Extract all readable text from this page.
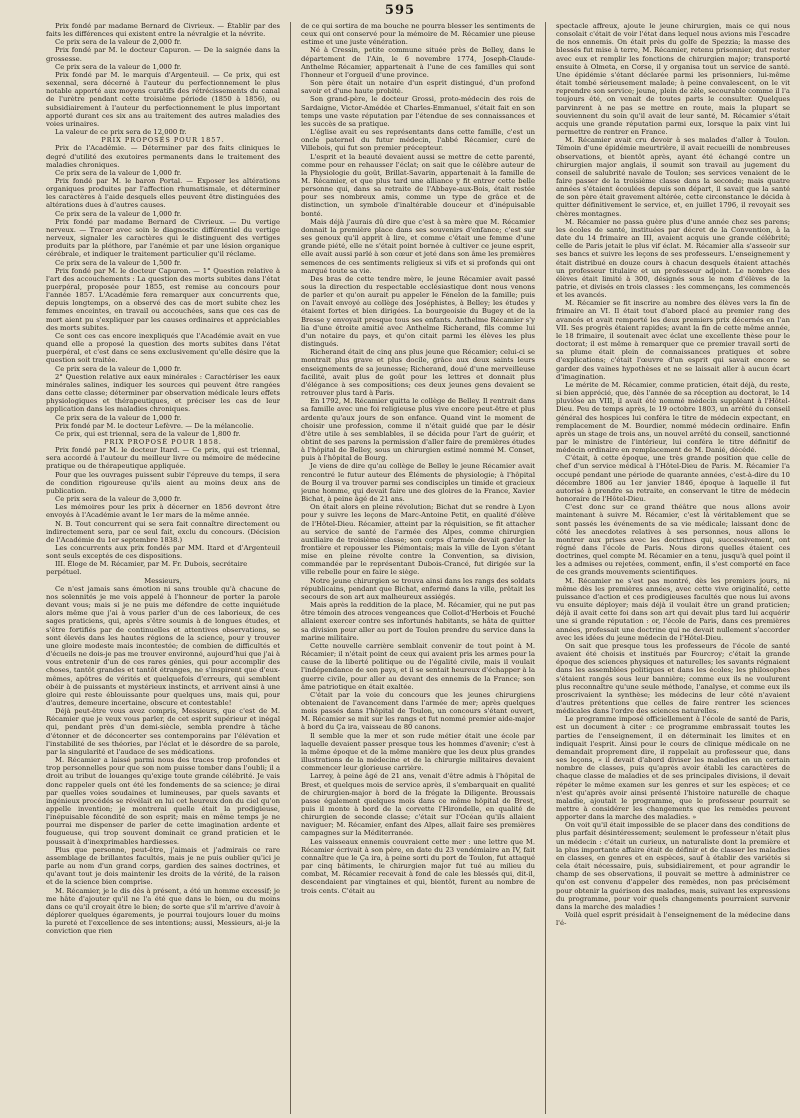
595

Prix fondé par madame Bernard de Civrieux. — Établir par des faits les différences qui existent entre la névralgie et la névrite.

Ce prix sera de la valeur de 2,000 fr.

Prix fondé par M. le docteur Capuron. — De la saignée dans la grossesse.

Ce prix sera de la valeur de 1,000 fr.

Prix fondé par M. le marquis d'Argenteuil. — Ce prix, qui est sexennal, sera décerné à l'auteur du perfectionnement le plus notable apporté aux moyens curatifs des rétrécissements du canal de l'urètre pendant cette troisième période (1850 à 1856), ou subsidiairement à l'auteur du perfectionnement le plus important apporté durant ces six ans au traitement des autres maladies des voies urinaires.

La valeur de ce prix sera de 12,000 fr.

PRIX PROPOSÉS POUR 1857.

Prix de l'Académie. — Déterminer par des faits cliniques le degré d'utilité des exutoires permanents dans le traitement des maladies chroniques.

Ce prix sera de la valeur de 1,000 fr.

Prix fondé par M. le baron Portal. — Exposer les altérations organiques produites par l'affection rhumatismale, et déterminer les caractères à l'aide desquels elles peuvent être distinguées des altérations dues à d'autres causes.

Ce prix sera de la valeur de 1,000 fr.

Prix fondé par madame Bernard de Civrieux. — Du vertige nerveux. — Tracer avec soin le diagnostic différentiel du vertige nerveux, signaler les caractères qui le distinguent des vertiges produits par la pléthore, par l'anémie et par une lésion organique cérébrale, et indiquer le traitement particulier qu'il réclame.

Ce prix sera de la valeur de 1,500 fr.

Prix fondé par M. le docteur Capuron. — 1° Question relative à l'art des accouchements : La question des morts subites dans l'état puerpéral, proposée pour 1855, est remise au concours pour l'année 1857. L'Académie fera remarquer aux concurrents que, depuis longtemps, on a observé des cas de mort subite chez les femmes enceintes, en travail ou accouchées, sans que ces cas de mort aient pu s'expliquer par les causes ordinaires et appréciables des morts subites.

Ce sont ces cas encore inexpliqués que l'Académie avait en vue quand elle a proposé la question des morts subites dans l'état puerpéral, et c'est dans ce sens exclusivement qu'elle désire que la question soit traitée.

Ce prix sera de la valeur de 1,000 fr.

2° Question relative aux eaux minérales : Caractériser les eaux minérales salines, indiquer les sources qui peuvent être rangées dans cette classe; déterminer par observation médicale leurs effets physiologiques et thérapeutiques, et préciser les cas de leur application dans les maladies chroniques.

Ce prix sera de la valeur de 1,000 fr.

Prix fondé par M. le docteur Lefèvre. — De la mélancolie.

Ce prix, qui est triennal, sera de la valeur de 1,800 fr.

PRIX PROPOSÉ POUR 1858.

Prix fondé par M. le docteur Itard. — Ce prix, qui est triennal, sera accordé à l'auteur du meilleur livre ou mémoire de médecine pratique ou de thérapeutique appliquée.

Pour que les ouvrages puissent subir l'épreuve du temps, il sera de condition rigoureuse qu'ils aient au moins deux ans de publication.

Ce prix sera de la valeur de 3,000 fr.

Les mémoires pour les prix à décerner en 1856 devront être envoyés à l'Académie avant le 1er mars de la même année.

N. B. Tout concurrent qui se sera fait connaître directement ou indirectement sera, par ce seul fait, exclu du concours. (Décision de l'Académie du 1er septembre 1838.)

Les concurrents aux prix fondés par MM. Itard et d'Argenteuil sont seuls exceptés de ces dispositions.

III. Éloge de M. Récamier, par M. Fr. Dubois, secrétaire perpétuel.

Messieurs,

Ce n'est jamais sans émotion ni sans trouble qu'à chacune de nos solennités je me vois appelé à l'honneur de porter la parole devant vous; mais si je ne puis me défendre de cette inquiétude alors même que j'ai à vous parler d'un de ces laborieux, de ces sages praticiens, qui, après s'être soumis à de longues études, et s'être fortifiés par de continuelles et attentives observations, se sont élevés dans les hautes régions de la science, pour y trouver une gloire modeste mais incontestée; de combien de difficultés et d'écueils ne dois-je pas me trouver environné, aujourd'hui que j'ai à vous entretenir d'un de ces rares génies, qui pour accomplir des choses, tantôt grandes et tantôt étranges, ne s'inspirent que d'eux-mêmes, apôtres de vérités et quelquefois d'erreurs, qui semblent obéir à de puissants et mystérieux instincts, et arrivent ainsi à une gloire qui reste éblouissante pour quelques uns, mais qui, pour d'autres, demeure incertaine, obscure et contestable!

Déjà peut-être vous avez compris, Messieurs, que c'est de M. Récamier que je veux vous parler, de cet esprit supérieur et inégal qui, pendant près d'un demi-siècle, sembla prendre à tâche d'étonner et de déconcerter ses contemporains par l'élévation et l'instabilité de ses théories, par l'éclat et le désordre de sa parole, par la singularité et l'audace de ses médications.

M. Récamier a laissé parmi nous des traces trop profondes et trop personnelles pour que son nom puisse tomber dans l'oubli; il a droit au tribut de louanges qu'exige toute grande célébrité. Je vais donc rappeler quels ont été les fondements de sa science; je dirai par quelles voies soudaines et lumineuses, par quels savants et ingénieux procédés se révélait en lui cet heureux don du ciel qu'on appelle invention; je montrerai quelle était la prodigieuse, l'inépuisable fécondité de son esprit; mais en même temps je ne pourrai me dispenser de parler de cette imagination ardente et fougueuse, qui trop souvent dominait ce grand praticien et le poussait à d'inexprimables hardiesses.

Plus que personne, peut-être, j'aimais et j'admirais ce rare assemblage de brillantes facultés, mais je ne puis oublier qu'ici je parle au nom d'un grand corps, gardien des saines doctrines, et qu'avant tout je dois maintenir les droits de la vérité, de la raison et de la science bien comprise.

M. Récamier, je le dis dès à présent, a été un homme excessif; je me hâte d'ajouter qu'il ne l'a été que dans le bien, ou du moins dans ce qu'il croyait être le bien; de sorte que s'il m'arrive d'avoir à déplorer quelques égarements, je pourrai toujours louer du moins la pureté et l'excellence de ses intentions; aussi, Messieurs, ai-je la conviction que rien

de ce qui sortira de ma bouche ne pourra blesser les sentiments de ceux qui ont conservé pour la mémoire de M. Récamier une pieuse estime et une juste vénération.

Né à Cressin, petite commune située près de Belley, dans le département de l'Ain, le 6 novembre 1774, Joseph-Claude-Anthelme Récamier, appartenait à l'une de ces familles qui sont l'honneur et l'orgueil d'une province.

Son père était un notaire d'un esprit distingué, d'un profond savoir et d'une haute probité.

Son grand-père, le docteur Grossi, proto-médecin des rois de Sardaigne, Victor-Amédée et Charles-Emmanuel, s'était fait en son temps une vaste réputation par l'étendue de ses connaissances et les succès de sa pratique.

L'église avait eu ses représentants dans cette famille, c'est un oncle paternel du futur médecin, l'abbé Récamier, curé de Villebois, qui fut son premier précepteur.

L'esprit et la beauté devaient aussi se mettre de cette parenté, comme pour en rehausser l'éclat; on sait que le célèbre auteur de la Physiologie du goût, Brillat-Savarin, appartenait à la famille de M. Récamier, et que plus tard une alliance y fit entrer cette belle personne qui, dans sa retraite de l'Abbaye-aux-Bois, était restée pour ses nombreux amis, comme un type de grâce et de distinction, un symbole d'inaltérable douceur et d'inépuisable bonté.

Mais déjà j'aurais dû dire que c'est à sa mère que M. Récamier donnait la première place dans ses souvenirs d'enfance; c'est sur ses genoux qu'il apprit à lire, et comme c'était une femme d'une grande piété, elle ne s'était point bornée à cultiver ce jeune esprit, elle avait aussi parlé à son cœur et jeté dans son âme les premières semences de ces sentiments religieux si vifs et si profonds qui ont marqué toute sa vie.

Des bras de cette tendre mère, le jeune Récamier avait passé sous la direction du respectable ecclésiastique dont nous venons de parler et qu'on aurait pu appeler le Fénelon de la famille; puis on l'avait envoyé au collège des Joséphistes, à Belley; les études y étaient fortes et bien dirigées. La bourgeoisie du Bugey et de la Bresse y envoyait presque tous ses enfants. Anthelme Récamier s'y lia d'une étroite amitié avec Anthelme Richerand, fils comme lui d'un notaire du pays, et qu'on citait parmi les élèves les plus distingués.

Richerand était de cinq ans plus jeune que Récamier; celui-ci se montrait plus grave et plus docile, grâce aux deux saints leurs enseignements de sa jeunesse; Richerand, doué d'une merveilleuse facilité, avait plus de goût pour les lettres et donnait plus d'élégance à ses compositions; ces deux jeunes gens devaient se retrouver plus tard à Paris.

En 1792, M. Récamier quitta le collège de Belley. Il rentrait dans sa famille avec une foi religieuse plus vive encore peut-être et plus ardente qu'aux jours de son enfance. Quand vint le moment de choisir une profession, comme il n'était guidé que par le désir d'être utile à ses semblables, il se décida pour l'art de guérir, et obtint de ses parens la permission d'aller faire de premières études à l'hôpital de Belley, sous un chirurgien estimé nommé M. Conset, puis à l'hôpital de Bourg.

Je viens de dire qu'au collège de Belley le jeune Récamier avait rencontré le futur auteur des Éléments de physiologie; à l'hôpital de Bourg il va trouver parmi ses condisciples un timide et gracieux jeune homme, qui devait faire une des gloires de la France, Xavier Bichat, à peine âgé de 21 ans.

On était alors en pleine révolution; Bichat dut se rendre à Lyon pour y suivre les leçons de Marc-Antoine Petit, en qualité d'élève de l'Hôtel-Dieu. Récamier, atteint par la réquisition, se fit attacher au service de santé de l'armée des Alpes, comme chirurgien auxiliaire de troisième classe; son corps d'armée devait garder la frontière et repousser les Piémontais; mais la ville de Lyon s'étant mise en pleine révolte contre la Convention, sa division, commandée par le représentant Dubois-Crancé, fut dirigée sur la ville rebelle pour en faire le siège.

Notre jeune chirurgien se trouva ainsi dans les rangs des soldats républicains, pendant que Bichat, enfermé dans la ville, prêtait les secours de son art aux malheureux assiégés.

Mais après la reddition de la place, M. Récamier, qui ne put pas être témoin des atroces vengeances que Collot-d'Herbois et Fouché allaient exercer contre ses infortunés habitants, se hâta de quitter sa division pour aller au port de Toulon prendre du service dans la marine militaire.

Cette nouvelle carrière semblait convenir de tout point à M. Récamier; il n'était point de ceux qui avaient pris les armes pour la cause de la liberté politique ou de l'égalité civile, mais il voulait l'indépendance de son pays, et il se sentait heureux d'échapper à la guerre civile, pour aller au devant des ennemis de la France; son âme patriotique en était exaltée.

C'était par la voie du concours que les jeunes chirurgiens obtenaient de l'avancement dans l'armée de mer; après quelques mois passés dans l'hôpital de Toulon, un concours s'étant ouvert, M. Récamier se mit sur les rangs et fut nommé premier aide-major à bord du Ça ira, vaisseau de 80 canons.

Il semble que la mer et son rude métier était une école par laquelle devaient passer presque tous les hommes d'avenir; c'est à la même époque et de la même manière que les deux plus grandes illustrations de la médecine et de la chirurgie militaires devaient commencer leur glorieuse carrière.

Larrey, à peine âgé de 21 ans, venait d'être admis à l'hôpital de Brest, et quelques mois de service après, il s'embarquait en qualité de chirurgien-major à bord de la frégate la Diligente. Broussais passe également quelques mois dans ce même hôpital de Brest, puis il monte à bord de la corvette l'Hirondelle, en qualité de chirurgien de seconde classe; c'était sur l'Océan qu'ils allaient naviguer; M. Récamier, enfant des Alpes, allait faire ses premières campagnes sur la Méditerranée.

Les vaisseaux ennemis couvraient cette mer : une lettre que M. Récamier écrivait à son père, en date du 23 vendémiaire an IV, fait connaître que le Ça ira, à peine sorti du port de Toulon, fut attaqué par cinq bâtiments, le chirurgien major fut tué au milieu du combat, M. Récamier recevait à fond de cale les blessés qui, dit-il, descendaient par vingtaines et qui, bientôt, furent au nombre de trois cents. C'était au

spectacle affreux, ajoute le jeune chirurgien, mais ce qui nous consolait c'était de voir l'état dans lequel nous avions mis l'escadre de nos ennemis. On était près du golfe de Spezzia; la masse des blessés fut mise à terre, M. Récamier, retenu prisonnier, dut rester avec eux et remplir les fonctions de chirurgien major; transporté ensuite à Olmeta, en Corse, il y organisa tout un service de santé. Une épidémie s'étant déclarée parmi les prisonniers, lui-même était tombé sérieusement malade; à peine convalescent, on le vit reprendre son service; jeune, plein de zèle, secourable comme il l'a toujours été, on venait de toutes parts le consulter. Quelques parvinrent à ne pas se mettre en route, mais la plupart se souviennent du soin qu'il avait de leur santé, M. Récamier s'était acquis une grande réputation parmi eux, lorsque la paix vint lui permettre de rentrer en France.

M. Récamier avait cru devoir à ses malades d'aller à Toulon. Témoin d'une épidémie meurtrière, il avait recueilli de nombreuses observations, et bientôt après, ayant été échangé contre un chirurgien major anglais, il soumit son travail au jugement du conseil de salubrité navale de Toulon; ses services venaient de le faire passer de la troisième classe dans la seconde; mais quatre années s'étaient écoulées depuis son départ, il savait que la santé de son père était gravement altérée, cette circonstance le décida à quitter définitivement le service, et, en juillet 1796, il revoyait ses chères montagnes.

M. Récamier ne passa guère plus d'une année chez ses parens; les écoles de santé, instituées par décret de la Convention, à la date du 14 frimaire an III, avaient acquis une grande célébrité; celle de Paris jetait le plus vif éclat. M. Récamier alla s'asseoir sur ses bancs et suivre les leçons de ses professeurs. L'enseignement y était distribué en douze cours à chacun desquels étaient attachés un professeur titulaire et un professeur adjoint. Le nombre des élèves était limité à 300, désignés sous le nom d'élèves de la patrie, et divisés en trois classes : les commençans, les commencés et les avancés.

M. Récamier se fit inscrire au nombre des élèves vers la fin de frimaire an VI. Il était tout d'abord placé au premier rang des avancés et avait remporté les deux premiers prix décernés en l'an VII. Ses progrès étaient rapides; avant la fin de cette même année, le 18 frimaire, il soutenait avec éclat une excellente thèse pour le doctorat; il est même à remarquer que ce premier travail sorti de sa plume était plein de connaissances pratiques et sobre d'explications; c'était l'œuvre d'un esprit qui savait encore se garder des vaines hypothèses et ne se laissait aller à aucun écart d'imagination.

Le mérite de M. Récamier, comme praticien, était déjà, du reste, si bien apprécié, que, dès l'année de sa réception au doctorat, le 14 pluviôse an VIII, il avait été nommé médecin suppléant à l'Hôtel-Dieu. Peu de temps après, le 19 octobre 1803, un arrêté du conseil général des hospices lui conféra le titre de médecin expectant, en remplacement de M. Bourdier, nommé médecin ordinaire. Enfin après un stage de trois ans, un nouvel arrêté du conseil, sanctionné par le ministre de l'intérieur, lui conféra le titre définitif de médecin ordinaire en remplacement de M. Danié, décédé.

C'était, à cette époque, une très grande position que celle de chef d'un service médical à l'Hôtel-Dieu de Paris. M. Récamier l'a occupé pendant une période de quarante années, c'est-à-dire du 10 décembre 1806 au 1er janvier 1846, époque à laquelle il fut autorisé à prendre sa retraite, en conservant le titre de médecin honoraire de l'Hôtel-Dieu.

C'est donc sur ce grand théâtre que nous allons avoir maintenant à suivre M. Récamier, c'est là véritablement que se sont passés les événements de sa vie médicale; laissant donc de côté les anecdotes relatives à ses personnes, nous allons le montrer aux prises avec les doctrines qui, successivement, ont régné dans l'école de Paris. Nous dirons quelles étaient ces doctrines, quel compte M. Récamier en a tenu, jusqu'à quel point il les a admises ou rejetées, comment, enfin, il s'est comporté en face de ces grands mouvements scientifiques.

M. Récamier ne s'est pas montré, dès les premiers jours, ni même dès les premières années, avec cette vive originalité, cette puissance d'action et ces prodigieuses facultés que nous lui avons vu ensuite déployer; mais déjà il voulait être un grand praticien; déjà il avait cette foi dans son art qui devait plus tard lui acquérir une si grande réputation : or, l'école de Paris, dans ces premières années, professait une doctrine qui ne devait nullement s'accorder avec les idées du jeune médecin de l'Hôtel-Dieu.

On sait que presque tous les professeurs de l'école de santé avaient été choisis et institués par Fourcroy; c'était la grande époque des sciences physiques et naturelles; les savants régnaient dans les assemblées politiques et dans les écoles; les philosophes s'étaient rangés sous leur bannière; comme eux ils ne voulurent plus reconnaître qu'une seule méthode, l'analyse, et comme eux ils proscrivaient la synthèse; les médecins de leur côté n'avaient d'autres prétentions que celles de faire rentrer les sciences médicales dans l'ordre des sciences naturelles.

Le programme imposé officiellement à l'école de santé de Paris, est un document à citer : ce programme embrassait toutes les parties de l'enseignement, il en déterminait les limites et en indiquait l'esprit. Ainsi pour le cours de clinique médicale on ne demandait proprement dire, il rappelait au professeur que, dans ses leçons, « il devait d'abord diviser les maladies en un certain nombre de classes, puis qu'après avoir établi les caractères de chaque classe de maladies et de ses principales divisions, il devait répéter le même examen sur les genres et sur les espèces; et ce n'est qu'après avoir ainsi présenté l'histoire naturelle de chaque maladie, ajoutait le programme, que le professeur pourrait se mettre à considérer les changements que les remèdes peuvent apporter dans la marche des maladies. »

On voit qu'il était impossible de se placer dans des conditions de plus parfait désintéressement; seulement le professeur n'était plus un médecin : c'était un curieux, un naturaliste dont la première et la plus importante affaire était de définir et de classer les maladies en classes, en genres et en espèces, sauf à établir des variétés si cela était nécessaire, puis, subsidiairement, et pour agrandir le champ de ses observations, il pouvait se mettre à administrer ce qu'on est convenu d'appeler des remèdes, non pas précisément pour obtenir la guérison des malades, mais, suivant les expressions du programme, pour voir quels changements pourraient survenir dans la marche des maladies !

Voilà quel esprit présidait à l'enseignement de la médecine dans l'é-
